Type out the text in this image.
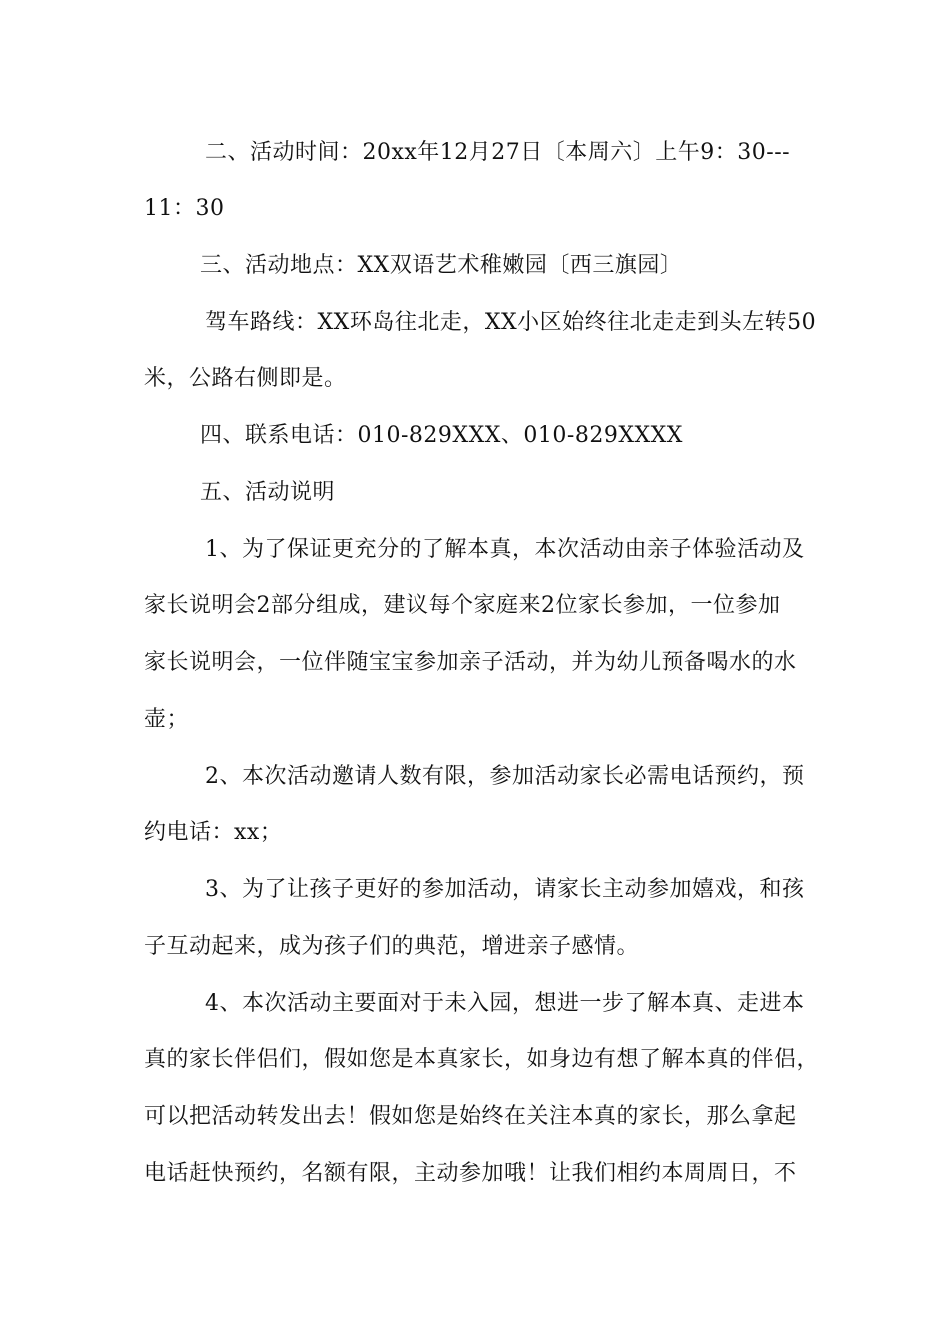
二、活动时间：20xx年12月27日〔本周六〕上午9：30---
11：30
三、活动地点：XX双语艺术稚嫩园〔西三旗园〕
驾车路线：XX环岛往北走，XX小区始终往北走走到头左转50
米，公路右侧即是。
四、联系电话：010-829XXX、010-829XXXX
五、活动说明
1、为了保证更充分的了解本真，本次活动由亲子体验活动及
家长说明会2部分组成，建议每个家庭来2位家长参加，一位参加
家长说明会，一位伴随宝宝参加亲子活动，并为幼儿预备喝水的水
壶；
2、本次活动邀请人数有限，参加活动家长必需电话预约，预
约电话：xx；
3、为了让孩子更好的参加活动，请家长主动参加嬉戏，和孩
子互动起来，成为孩子们的典范，增进亲子感情。
4、本次活动主要面对于未入园，想进一步了解本真、走进本
真的家长伴侣们，假如您是本真家长，如身边有想了解本真的伴侣，
可以把活动转发出去！假如您是始终在关注本真的家长，那么拿起
电话赶快预约，名额有限，主动参加哦！让我们相约本周周日，不
